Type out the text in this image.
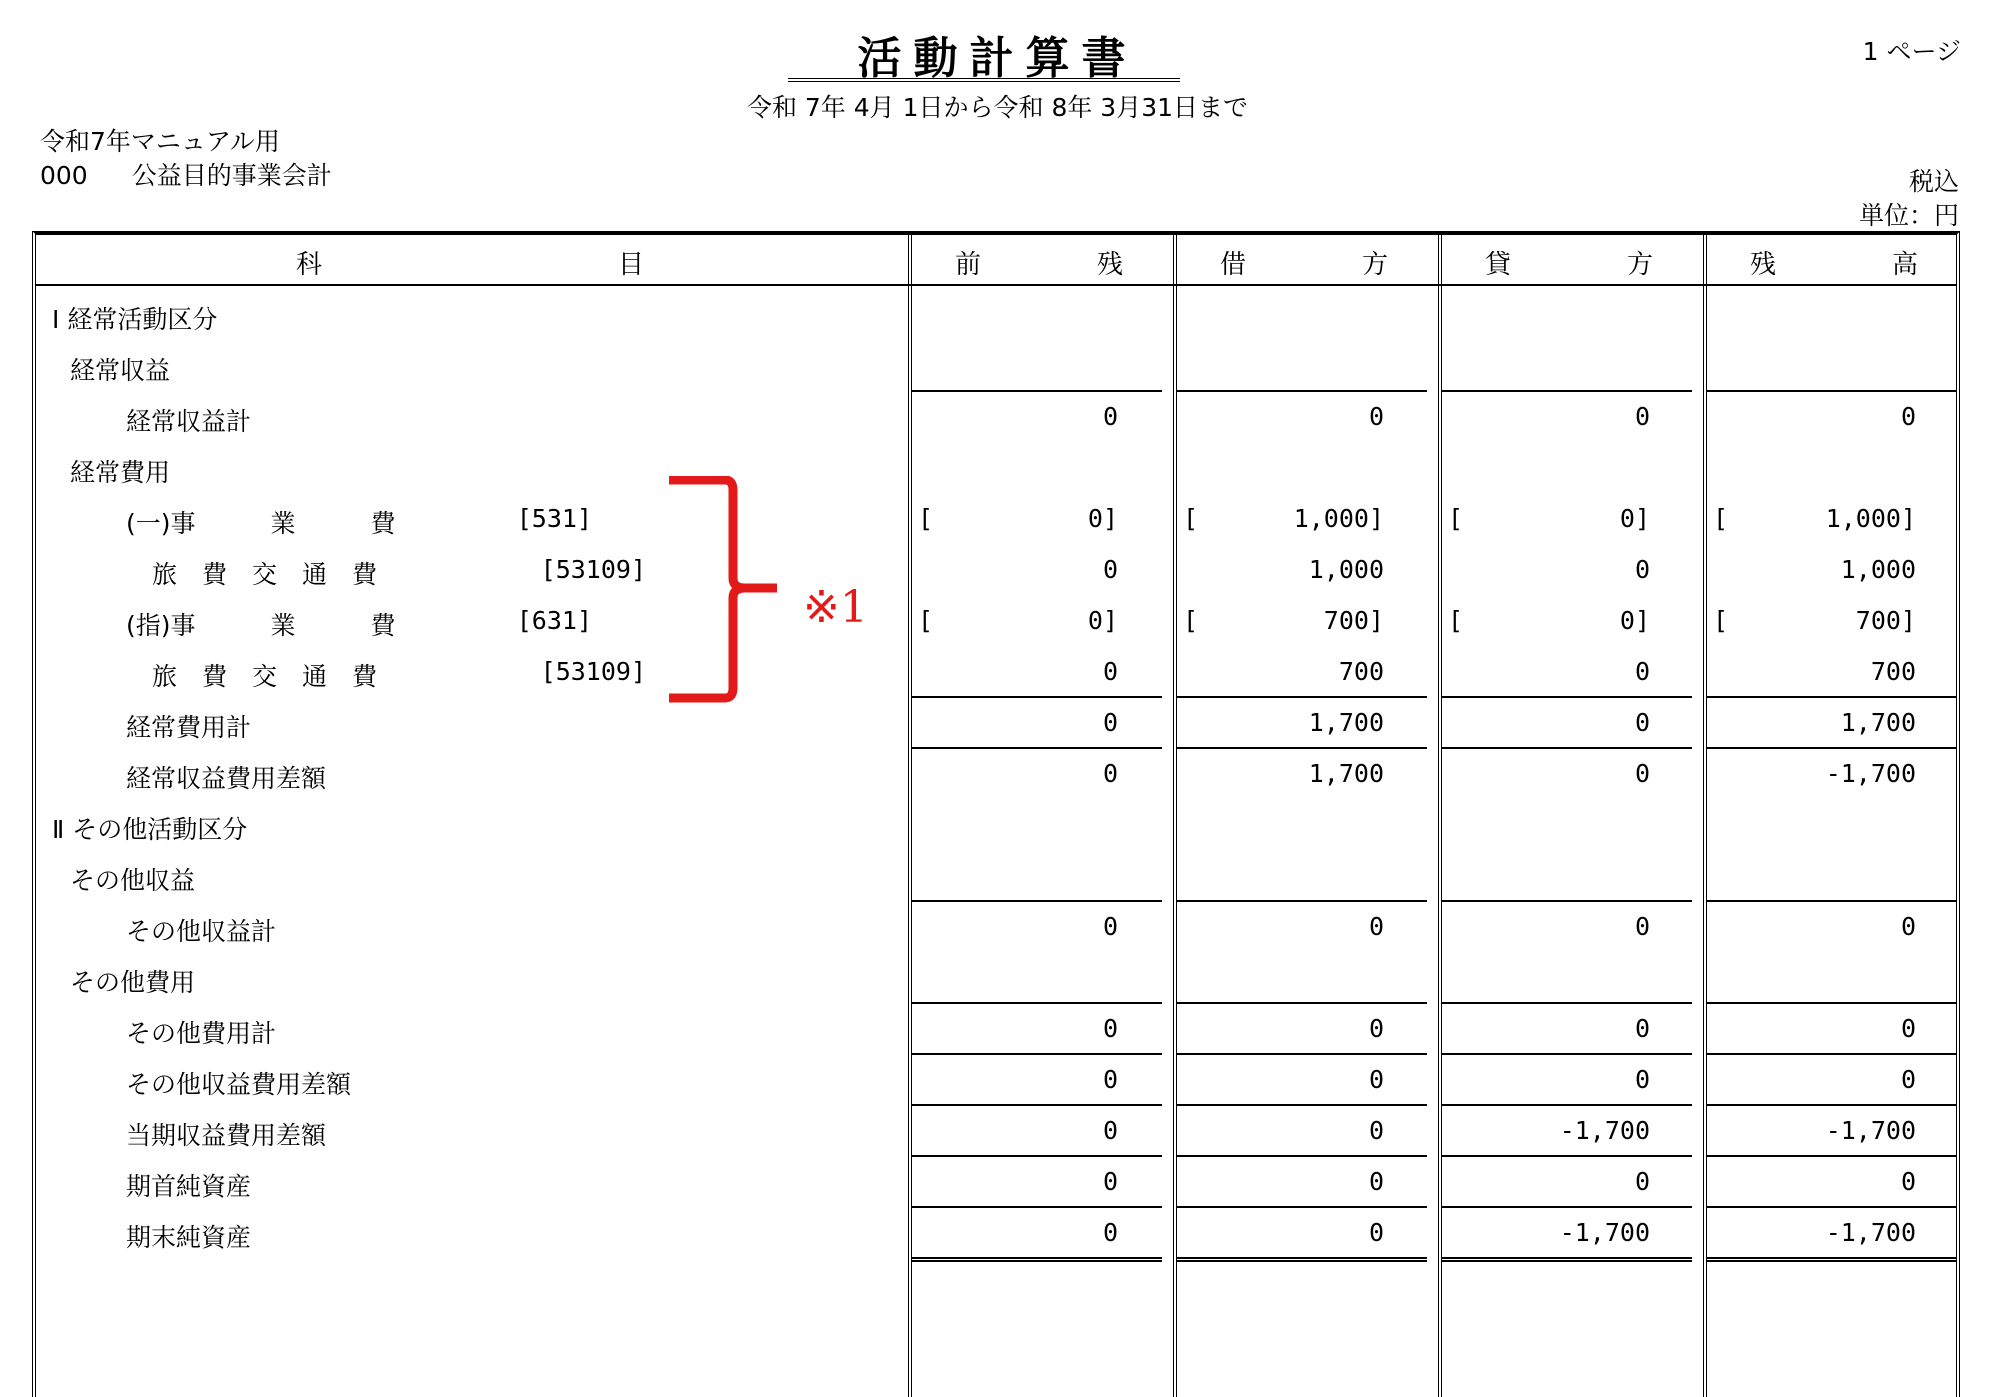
活動計算書
令和 7年 4月 1日から令和 8年 3月31日まで
1 ページ
令和7年マニュアル用
000 公益目的事業会計	税込
単位：円
科	目	前	残	借	方	貸	方	残	高
Ⅰ 経常活動区分
経常収益
経常収益計	0	0	0	0
経常費用
(一)事　　　業　　　費	[531]	[	0]	[	1,000]	[	0]	[	1,000]
旅　費　交　通　費	[53109]	0	1,000	0	1,000
(指)事　　　業　　　費	[631]	[	0]	[	700]	[	0]	[	700]
旅　費　交　通　費	[53109]	0	700	0	700
経常費用計	0	1,700	0	1,700
経常収益費用差額	0	1,700	0	-1,700
Ⅱ その他活動区分
その他収益
その他収益計	0	0	0	0
その他費用
その他費用計	0	0	0	0
その他収益費用差額	0	0	0	0
当期収益費用差額	0	0	-1,700	-1,700
期首純資産	0	0	0	0
期末純資産	0	0	-1,700	-1,700
※1
